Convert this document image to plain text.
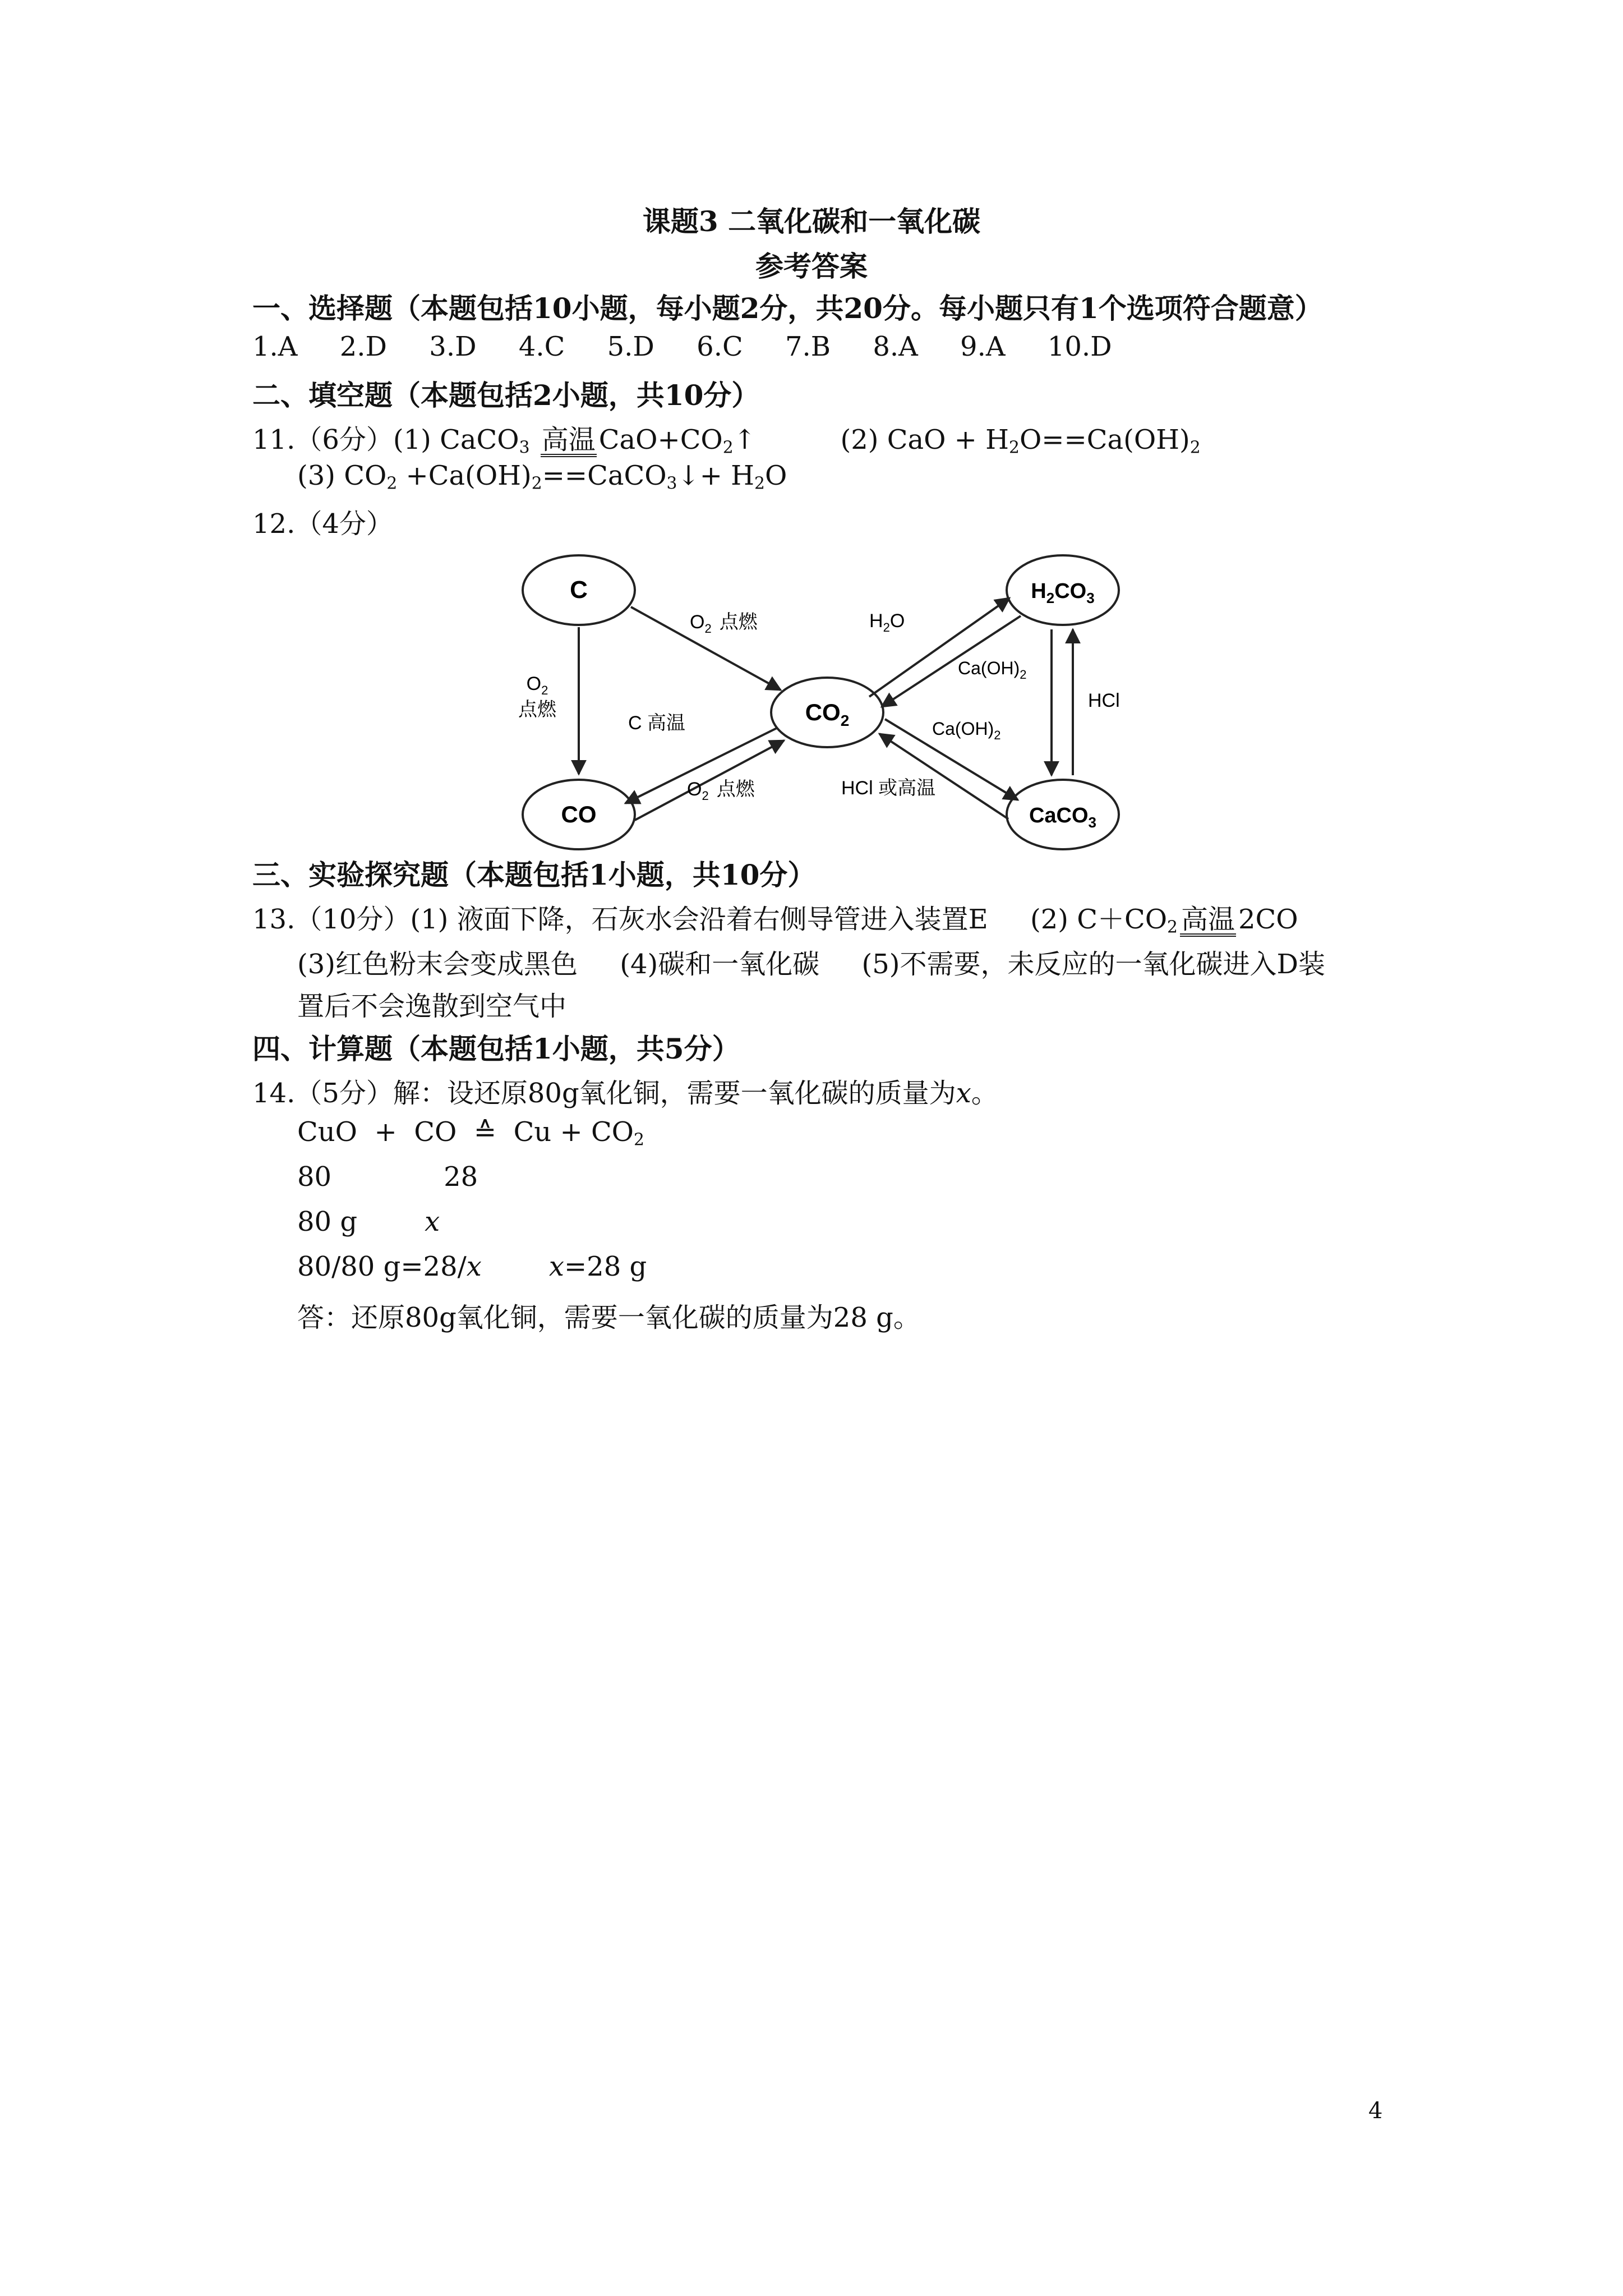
课题3 二氧化碳和一氧化碳
参考答案
一、选择题（本题包括10小题，每小题2分，共20分。每小题只有1个选项符合题意）
1.A 2.D 3.D 4.C 5.D 6.C 7.B 8.A 9.A 10.D
二、填空题（本题包括2小题，共10分）
11.（6分）(1) CaCO$_3$ 高温 $CaO+CO_2↑$	(2) CaO + $H_2O==Ca(OH)_2$
(3) $CO_2$ $+Ca(OH)_2==CaCO_3↓+ H_2O$
12.（4分）
C
CO
$CO_2$
$H_2CO_3$
CaCO$_3$
$O_2$ 点燃
$O_2$
点燃
C 高温
$O_2$ 点燃
$H_2O$
$Ca(OH)_2$
$Ca(OH)_2$
HCl
HCl 或高温
三、实验探究题（本题包括1小题，共10分）
13.（10分）(1) 液面下降，石灰水会沿着右侧导管进入装置E (2) $C+CO_2$ 高温 2CO
(3)红色粉末会变成黑色 (4)碳和一氧化碳 (5)不需要，未反应的一氧化碳进入D装
置后不会逸散到空气中
四、计算题（本题包括1小题，共5分）
14.（5分）解：设还原80g氧化铜，需要一氧化碳的质量为x。
CuO  +  CO  ≙  $Cu + CO_2$
80	28
80 g	x
80/80 g=28/x	x=28 g
答：还原80g氧化铜，需要一氧化碳的质量为28 g。
4
